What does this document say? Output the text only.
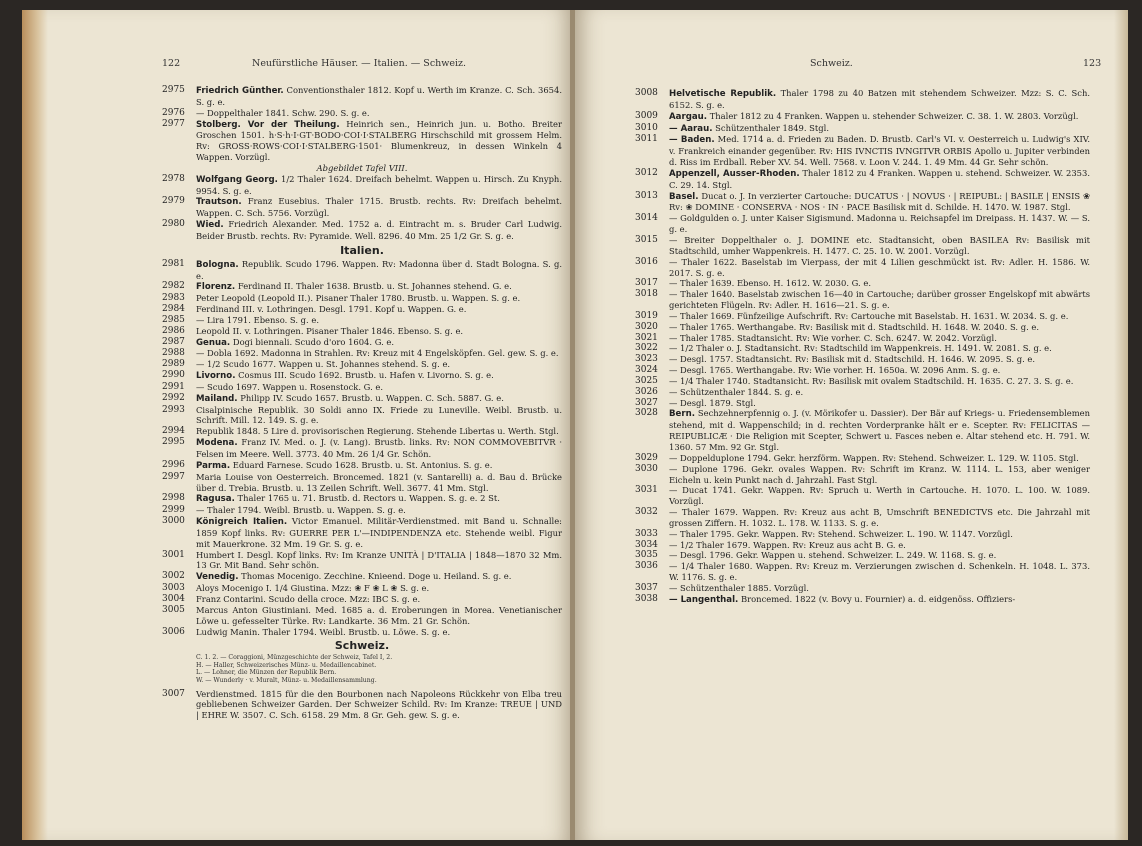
122	Neufürstliche Häuser. — Italien. — Schweiz.
2975 Friedrich Günther. Conventionsthaler 1812. Kopf u. Werth im Kranze. C. Sch. 3654. S. g. e.
2976 — Doppelthaler 1841. Schw. 290. S. g. e.
2977 Stolberg. Vor der Theilung. Heinrich sen., Heinrich jun. u. Botho. Breiter Groschen 1501. h·S·h·I·GT·BODO·COI·I·STALBERG Hirschschild mit grossem Helm. Rv: GROSS·ROWS·COI·I·STALBERG·1501· Blumenkreuz, in dessen Winkeln 4 Wappen. Vorzügl.
Abgebildet Tafel VIII.
2978 Wolfgang Georg. 1/2 Thaler 1624. Dreifach behelmt. Wappen u. Hirsch. Zu Knyph. 9954. S. g. e.
2979 Trautson. Franz Eusebius. Thaler 1715. Brustb. rechts. Rv: Dreifach behelmt. Wappen. C. Sch. 5756. Vorzügl.
2980 Wied. Friedrich Alexander. Med. 1752 a. d. Eintracht m. s. Bruder Carl Ludwig. Beider Brustb. rechts. Rv: Pyramide. Well. 8296. 40 Mm. 25 1/2 Gr. S. g. e.
Italien.
2981 Bologna. Republik. Scudo 1796. Wappen. Rv: Madonna über d. Stadt Bologna. S. g. e.
2982 Florenz. Ferdinand II. Thaler 1638. Brustb. u. St. Johannes stehend. G. e.
2983 Peter Leopold (Leopold II.). Pisaner Thaler 1780. Brustb. u. Wappen. S. g. e.
2984 Ferdinand III. v. Lothringen. Desgl. 1791. Kopf u. Wappen. G. e.
2985 — Lira 1791. Ebenso. S. g. e.
2986 Leopold II. v. Lothringen. Pisaner Thaler 1846. Ebenso. S. g. e.
2987 Genua. Dogi biennali. Scudo d'oro 1604. G. e.
2988 — Dobla 1692. Madonna in Strahlen. Rv: Kreuz mit 4 Engelsköpfen. Gel. gew. S. g. e.
2989 — 1/2 Scudo 1677. Wappen u. St. Johannes stehend. S. g. e.
2990 Livorno. Cosmus III. Scudo 1692. Brustb. u. Hafen v. Livorno. S. g. e.
2991 — Scudo 1697. Wappen u. Rosenstock. G. e.
2992 Mailand. Philipp IV. Scudo 1657. Brustb. u. Wappen. C. Sch. 5887. G. e.
2993 Cisalpinische Republik. 30 Soldi anno IX. Friede zu Luneville. Weibl. Brustb. u. Schrift. Mill. 12. 149. S. g. e.
2994 Republik 1848. 5 Lire d. provisorischen Regierung. Stehende Libertas u. Werth. Stgl.
2995 Modena. Franz IV. Med. o. J. (v. Lang). Brustb. links. Rv: NON COMMOVEBITVR · Felsen im Meere. Well. 3773. 40 Mm. 26 1/4 Gr. Schön.
2996 Parma. Eduard Farnese. Scudo 1628. Brustb. u. St. Antonius. S. g. e.
2997 Maria Louise von Oesterreich. Broncemed. 1821 (v. Santarelli) a. d. Bau d. Brücke über d. Trebia. Brustb. u. 13 Zeilen Schrift. Well. 3677. 41 Mm. Stgl.
2998 Ragusa. Thaler 1765 u. 71. Brustb. d. Rectors u. Wappen. S. g. e. 2 St.
2999 — Thaler 1794. Weibl. Brustb. u. Wappen. S. g. e.
3000 Königreich Italien. Victor Emanuel. Militär-Verdienstmed. mit Band u. Schnalle: 1859 Kopf links. Rv: GUERRE PER L'—INDIPENDENZA etc. Stehende weibl. Figur mit Mauerkrone. 32 Mm. 19 Gr. S. g. e.
3001 Humbert I. Desgl. Kopf links. Rv: Im Kranze UNITÀ | D'ITALIA | 1848—1870 32 Mm. 13 Gr. Mit Band. Sehr schön.
3002 Venedig. Thomas Mocenigo. Zecchine. Knieend. Doge u. Heiland. S. g. e.
3003 Aloys Mocenigo I. 1/4 Giustina. Mzz: ❀ F ❀ L ❀ S. g. e.
3004 Franz Contarini. Scudo della croce. Mzz: IBC S. g. e.
3005 Marcus Anton Giustiniani. Med. 1685 a. d. Eroberungen in Morea. Venetianischer Löwe u. gefesselter Türke. Rv: Landkarte. 36 Mm. 21 Gr. Schön.
3006 Ludwig Manin. Thaler 1794. Weibl. Brustb. u. Löwe. S. g. e.
Schweiz.
C. 1. 2. — Coraggioni, Münzgeschichte der Schweiz, Tafel I, 2.
H. — Haller, Schweizerisches Münz- u. Medaillencabinet.
L. — Lohner, die Münzen der Republik Bern.
W. — Wunderly · v. Muralt, Münz- u. Medaillensammlung.
3007 Verdienstmed. 1815 für die den Bourbonen nach Napoleons Rückkehr von Elba treu gebliebenen Schweizer Garden. Der Schweizer Schild. Rv: Im Kranze: TREUE | UND | EHRE W. 3507. C. Sch. 6158. 29 Mm. 8 Gr. Geh. gew. S. g. e.
Schweiz.	123
3008 Helvetische Republik. Thaler 1798 zu 40 Batzen mit stehendem Schweizer. Mzz: S. C. Sch. 6152. S. g. e.
3009 Aargau. Thaler 1812 zu 4 Franken. Wappen u. stehender Schweizer. C. 38. 1. W. 2803. Vorzügl.
3010 — Aarau. Schützenthaler 1849. Stgl.
3011 — Baden. Med. 1714 a. d. Frieden zu Baden. D. Brustb. Carl's VI. v. Oesterreich u. Ludwig's XIV. v. Frankreich einander gegenüber. Rv: HIS IVNCTIS IVNGITVR ORBIS Apollo u. Jupiter verbinden d. Riss im Erdball. Reber XV. 54. Well. 7568. v. Loon V. 244. 1. 49 Mm. 44 Gr. Sehr schön.
3012 Appenzell, Ausser-Rhoden. Thaler 1812 zu 4 Franken. Wappen u. stehend. Schweizer. W. 2353. C. 29. 14. Stgl.
3013 Basel. Ducat o. J. In verzierter Cartouche: DUCATUS · | NOVUS · | REIPUBL: | BASILE | ENSIS ❀ Rv: ❀ DOMINE · CONSERVA · NOS · IN · PACE Basilisk mit d. Schilde. H. 1470. W. 1987. Stgl.
3014 — Goldgulden o. J. unter Kaiser Sigismund. Madonna u. Reichsapfel im Dreipass. H. 1437. W. — S. g. e.
3015 — Breiter Doppelthaler o. J. DOMINE etc. Stadtansicht, oben BASILEA Rv: Basilisk mit Stadtschild, umher Wappenkreis. H. 1477. C. 25. 10. W. 2001. Vorzügl.
3016 — Thaler 1622. Baselstab im Vierpass, der mit 4 Lilien geschmückt ist. Rv: Adler. H. 1586. W. 2017. S. g. e.
3017 — Thaler 1639. Ebenso. H. 1612. W. 2030. G. e.
3018 — Thaler 1640. Baselstab zwischen 16—40 in Cartouche; darüber grosser Engelskopf mit abwärts gerichteten Flügeln. Rv: Adler. H. 1616—21. S. g. e.
3019 — Thaler 1669. Fünfzeilige Aufschrift. Rv: Cartouche mit Baselstab. H. 1631. W. 2034. S. g. e.
3020 — Thaler 1765. Werthangabe. Rv: Basilisk mit d. Stadtschild. H. 1648. W. 2040. S. g. e.
3021 — Thaler 1785. Stadtansicht. Rv: Wie vorher. C. Sch. 6247. W. 2042. Vorzügl.
3022 — 1/2 Thaler o. J. Stadtansicht. Rv: Stadtschild im Wappenkreis. H. 1491. W. 2081. S. g. e.
3023 — Desgl. 1757. Stadtansicht. Rv: Basilisk mit d. Stadtschild. H. 1646. W. 2095. S. g. e.
3024 — Desgl. 1765. Werthangabe. Rv: Wie vorher. H. 1650a. W. 2096 Anm. S. g. e.
3025 — 1/4 Thaler 1740. Stadtansicht. Rv: Basilisk mit ovalem Stadtschild. H. 1635. C. 27. 3. S. g. e.
3026 — Schützenthaler 1844. S. g. e.
3027 — Desgl. 1879. Stgl.
3028 Bern. Sechzehnerpfennig o. J. (v. Mörikofer u. Dassier). Der Bär auf Kriegs- u. Friedensemblemen stehend, mit d. Wappenschild; in d. rechten Vorderpranke hält er e. Scepter. Rv: FELICITAS — REIPUBLICÆ · Die Religion mit Scepter, Schwert u. Fasces neben e. Altar stehend etc. H. 791. W. 1360. 57 Mm. 92 Gr. Stgl.
3029 — Doppelduplone 1794. Gekr. herzförm. Wappen. Rv: Stehend. Schweizer. L. 129. W. 1105. Stgl.
3030 — Duplone 1796. Gekr. ovales Wappen. Rv: Schrift im Kranz. W. 1114. L. 153, aber weniger Eicheln u. kein Punkt nach d. Jahrzahl. Fast Stgl.
3031 — Ducat 1741. Gekr. Wappen. Rv: Spruch u. Werth in Cartouche. H. 1070. L. 100. W. 1089. Vorzügl.
3032 — Thaler 1679. Wappen. Rv: Kreuz aus acht B, Umschrift BENEDICTVS etc. Die Jahrzahl mit grossen Ziffern. H. 1032. L. 178. W. 1133. S. g. e.
3033 — Thaler 1795. Gekr. Wappen. Rv: Stehend. Schweizer. L. 190. W. 1147. Vorzügl.
3034 — 1/2 Thaler 1679. Wappen. Rv: Kreuz aus acht B. G. e.
3035 — Desgl. 1796. Gekr. Wappen u. stehend. Schweizer. L. 249. W. 1168. S. g. e.
3036 — 1/4 Thaler 1680. Wappen. Rv: Kreuz m. Verzierungen zwischen d. Schenkeln. H. 1048. L. 373. W. 1176. S. g. e.
3037 — Schützenthaler 1885. Vorzügl.
3038 — Langenthal. Broncemed. 1822 (v. Bovy u. Fournier) a. d. eidgenöss. Offiziers-
